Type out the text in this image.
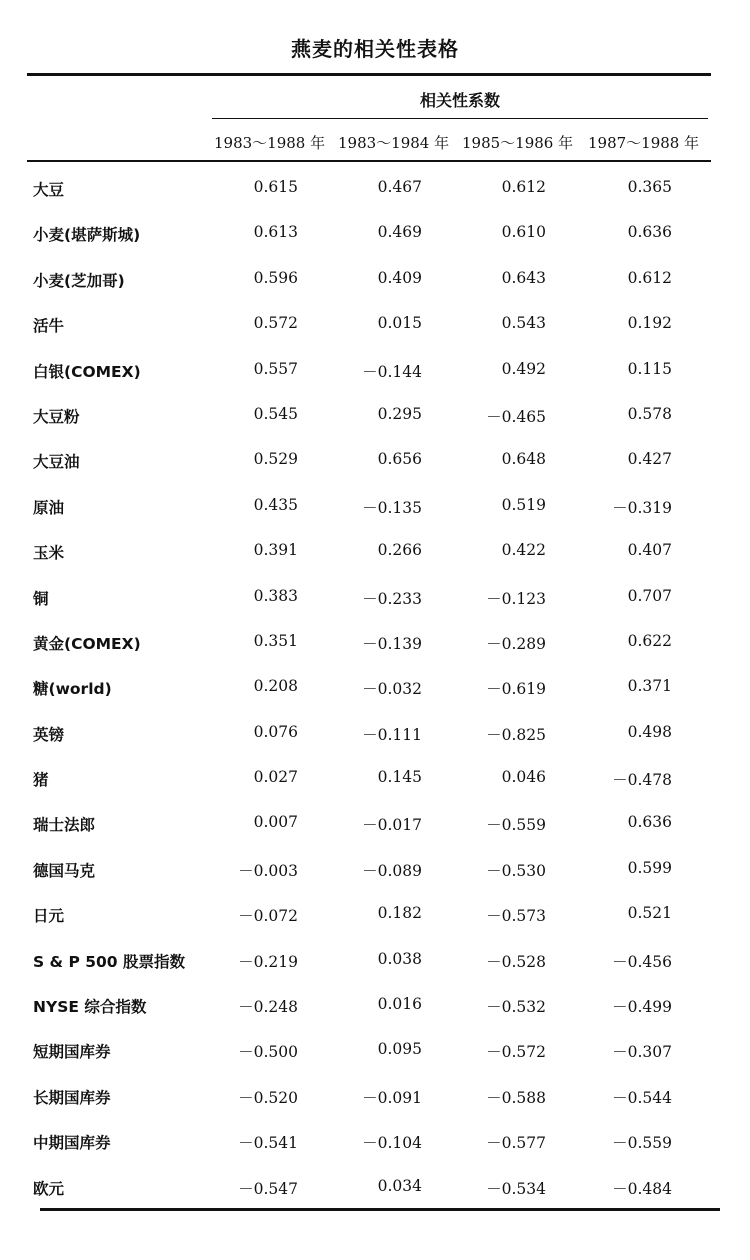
燕麦的相关性表格
相关性系数
1983～1988 年 1983～1984 年 1985～1986 年 1987～1988 年
大豆	0.615	0.467	0.612	0.365
小麦(堪萨斯城)	0.613	0.469	0.610	0.636
小麦(芝加哥)	0.596	0.409	0.643	0.612
活牛	0.572	0.015	0.543	0.192
白银(COMEX)	0.557	－0.144	0.492	0.115
大豆粉	0.545	0.295	－0.465	0.578
大豆油	0.529	0.656	0.648	0.427
原油	0.435	－0.135	0.519	－0.319
玉米	0.391	0.266	0.422	0.407
铜	0.383	－0.233	－0.123	0.707
黄金(COMEX)	0.351	－0.139	－0.289	0.622
糖(world)	0.208	－0.032	－0.619	0.371
英镑	0.076	－0.111	－0.825	0.498
猪	0.027	0.145	0.046	－0.478
瑞士法郎	0.007	－0.017	－0.559	0.636
德国马克	－0.003	－0.089	－0.530	0.599
日元	－0.072	0.182	－0.573	0.521
S & P 500 股票指数	－0.219	0.038	－0.528	－0.456
NYSE 综合指数	－0.248	0.016	－0.532	－0.499
短期国库券	－0.500	0.095	－0.572	－0.307
长期国库券	－0.520	－0.091	－0.588	－0.544
中期国库券	－0.541	－0.104	－0.577	－0.559
欧元	－0.547	0.034	－0.534	－0.484
